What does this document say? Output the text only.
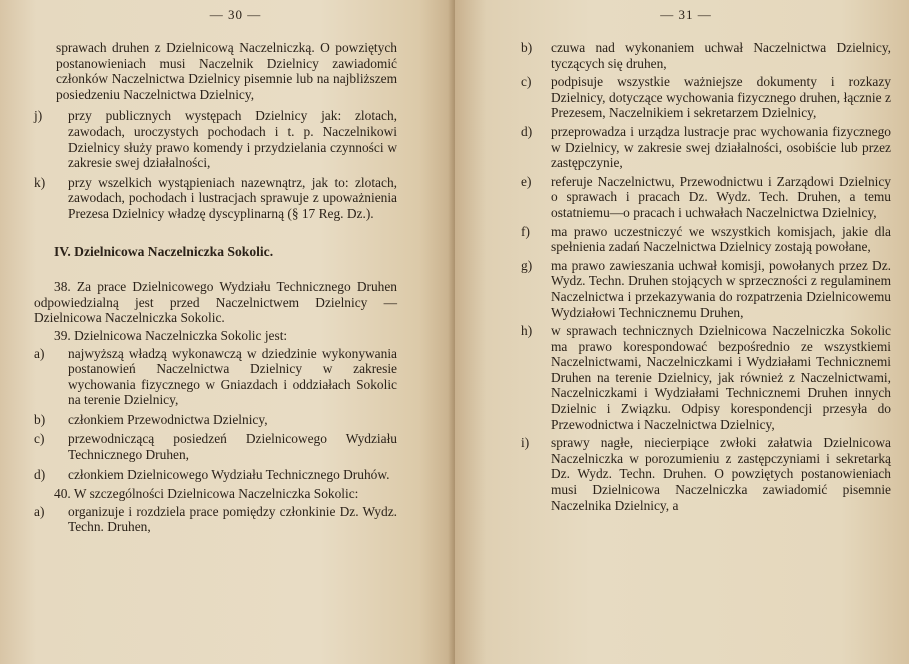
— 30 —

sprawach druhen z Dzielnicową Naczelniczką. O powziętych postanowieniach musi Naczelnik Dzielnicy zawiadomić członków Naczelnictwa Dzielnicy pisemnie lub na najbliższem posiedzeniu Naczelnictwa Dzielnicy,

j)	przy publicznych występach Dzielnicy jak: zlotach, zawodach, uroczystych pochodach i t. p. Naczelnikowi Dzielnicy służy prawo komendy i przydzielania czynności w zakresie swej działalności,
k)	przy wszelkich wystąpieniach nazewnątrz, jak to: zlotach, zawodach, pochodach i lustracjach sprawuje z upoważnienia Prezesa Dzielnicy władzę dyscyplinarną (§ 17 Reg. Dz.).
IV. Dzielnicowa Naczelniczka Sokolic.

38. Za prace Dzielnicowego Wydziału Technicznego Druhen odpowiedzialną jest przed Naczelnictwem Dzielnicy — Dzielnicowa Naczelniczka Sokolic.

39. Dzielnicowa Naczelniczka Sokolic jest:

a)	najwyższą władzą wykonawczą w dziedzinie wykonywania postanowień Naczelnictwa Dzielnicy w zakresie wychowania fizycznego w Gniazdach i oddziałach Sokolic na terenie Dzielnicy,
b)	członkiem Przewodnictwa Dzielnicy,
c)	przewodniczącą posiedzeń Dzielnicowego Wydziału Technicznego Druhen,
d)	członkiem Dzielnicowego Wydziału Technicznego Druhów.

40. W szczególności Dzielnicowa Naczelniczka Sokolic:

a)	organizuje i rozdziela prace pomiędzy członkinie Dz. Wydz. Techn. Druhen,
— 31 —
b)	czuwa nad wykonaniem uchwał Naczelnictwa Dzielnicy, tyczących się druhen,
c)	podpisuje wszystkie ważniejsze dokumenty i rozkazy Dzielnicy, dotyczące wychowania fizycznego druhen, łącznie z Prezesem, Naczelnikiem i sekretarzem Dzielnicy,
d)	przeprowadza i urządza lustracje prac wychowania fizycznego w Dzielnicy, w zakresie swej działalności, osobiście lub przez zastępczynie,
e)	referuje Naczelnictwu, Przewodnictwu i Zarządowi Dzielnicy o sprawach i pracach Dz. Wydz. Tech. Druhen, a temu ostatniemu—o pracach i uchwałach Naczelnictwa Dzielnicy,
f)	ma prawo uczestniczyć we wszystkich komisjach, jakie dla spełnienia zadań Naczelnictwa Dzielnicy zostają powołane,
g)	ma prawo zawieszania uchwał komisji, powołanych przez Dz. Wydz. Techn. Druhen stojących w sprzeczności z regulaminem Naczelnictwa i przekazywania do rozpatrzenia Dzielnicowemu Wydziałowi Technicznemu Druhen,
h)	w sprawach technicznych Dzielnicowa Naczelniczka Sokolic ma prawo korespondować bezpośrednio ze wszystkiemi Naczelnictwami, Naczelniczkami i Wydziałami Technicznemi Druhen na terenie Dzielnicy, jak również z Naczelnictwami, Naczelniczkami i Wydziałami Technicznemi Druhen innych Dzielnic i Związku. Odpisy korespondencji przesyła do Przewodnictwa i Naczelnictwa Dzielnicy,
i)	sprawy nagłe, niecierpiące zwłoki załatwia Dzielnicowa Naczelniczka w porozumieniu z zastępczyniami i sekretarką Dz. Wydz. Techn. Druhen. O powziętych postanowieniach musi Dzielnicowa Naczelniczka zawiadomić pisemnie Naczelnika Dzielnicy, a
